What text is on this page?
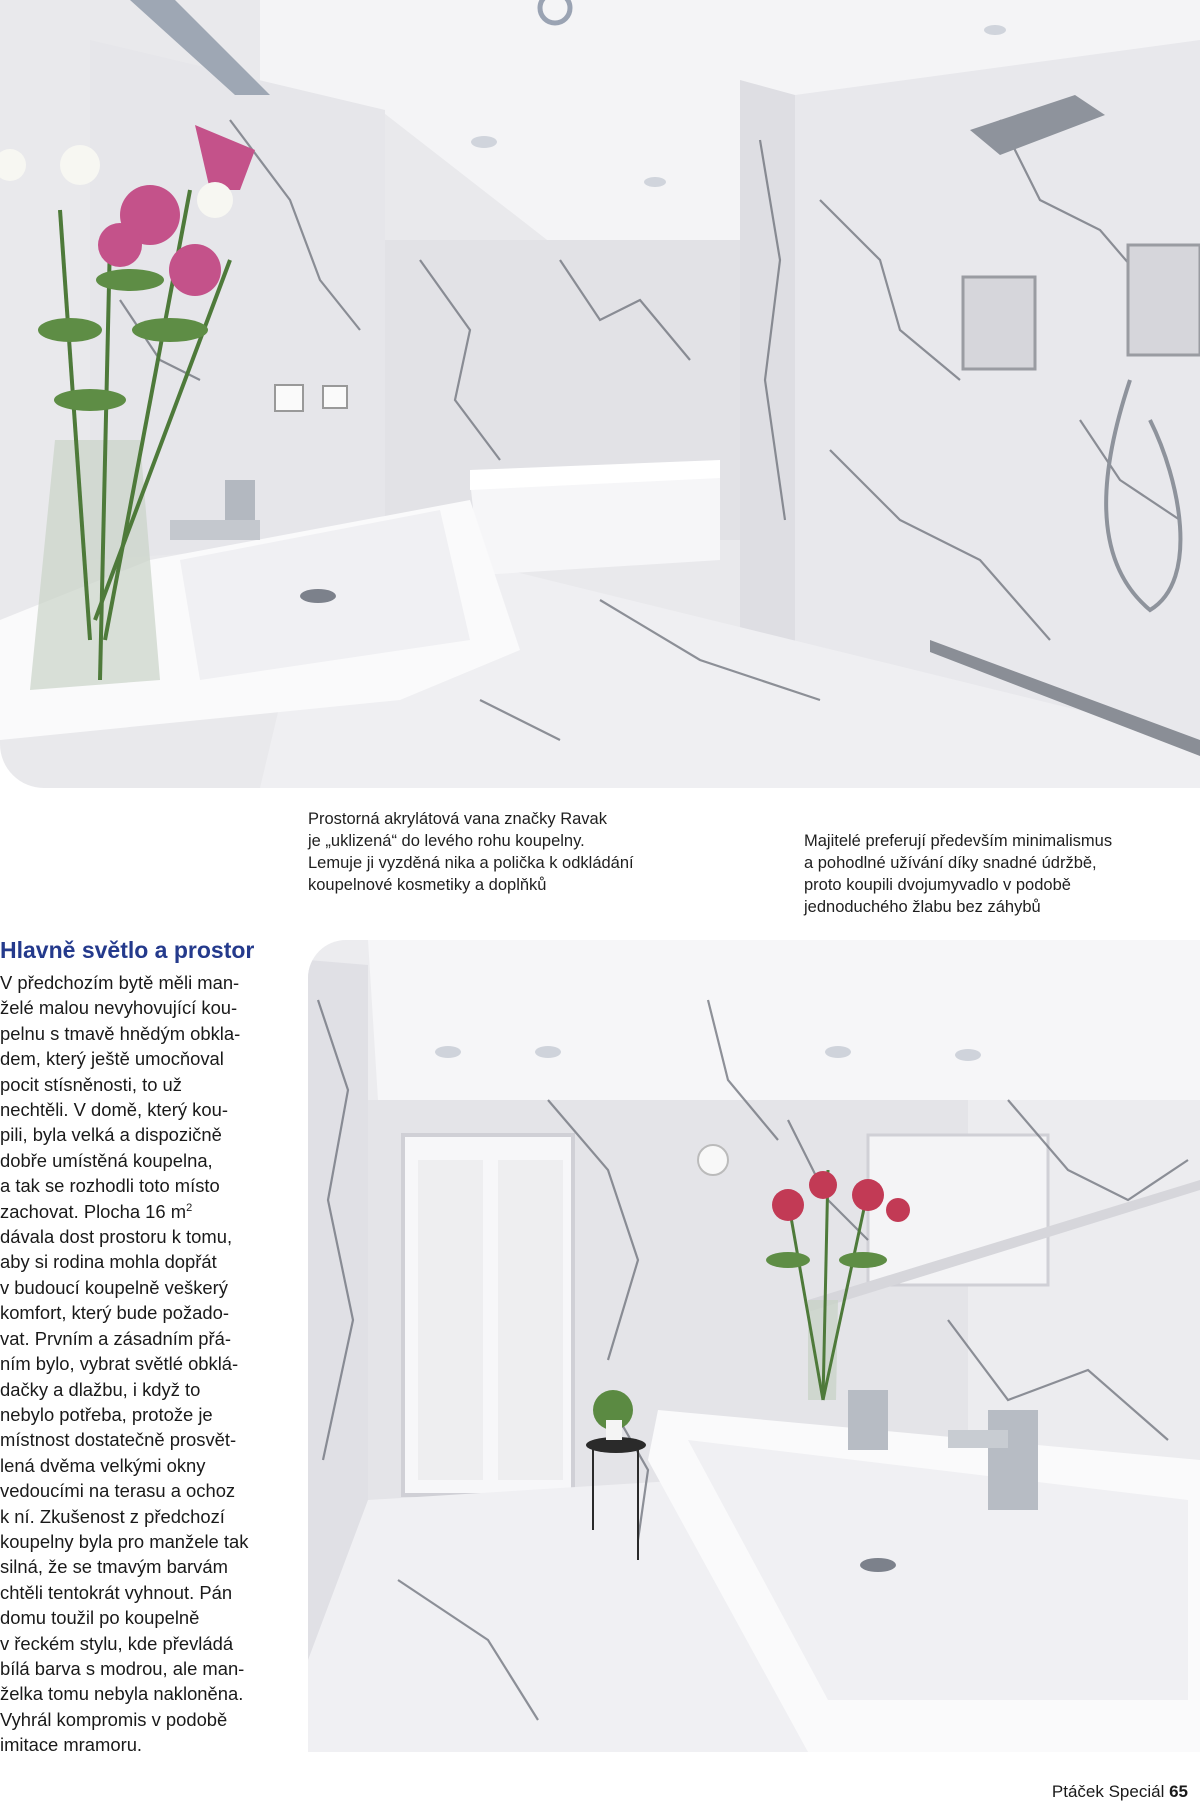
Prostorná akrylátová vana značky Ravak
je „uklizená“ do levého rohu koupelny.
Lemuje ji vyzděná nika a polička k odkládání
koupelnové kosmetiky a doplňků
Majitelé preferují především minimalismus
a pohodlné užívání díky snadné údržbě,
proto koupili dvojumyvadlo v podobě
jednoduchého žlabu bez záhybů
Hlavně světlo a prostor
V předchozím bytě měli man-
želé malou nevyhovující kou-
pelnu s tmavě hnědým obkla-
dem, který ještě umocňoval
pocit stísněnosti, to už
nechtěli. V domě, který kou-
pili, byla velká a dispozičně
dobře umístěná koupelna,
a tak se rozhodli toto místo
zachovat. Plocha 16 $m^2$
dávala dost prostoru k tomu,
aby si rodina mohla dopřát
v budoucí koupelně veškerý
komfort, který bude požado-
vat. Prvním a zásadním přá-
ním bylo, vybrat světlé obklá-
dačky a dlažbu, i když to
nebylo potřeba, protože je
místnost dostatečně prosvět-
lená dvěma velkými okny
vedoucími na terasu a ochoz
k ní. Zkušenost z předchozí
koupelny byla pro manžele tak
silná, že se tmavým barvám
chtěli tentokrát vyhnout. Pán
domu toužil po koupelně
v řeckém stylu, kde převládá
bílá barva s modrou, ale man-
želka tomu nebyla nakloněna.
Vyhrál kompromis v podobě
imitace mramoru.
Ptáček Speciál 65
